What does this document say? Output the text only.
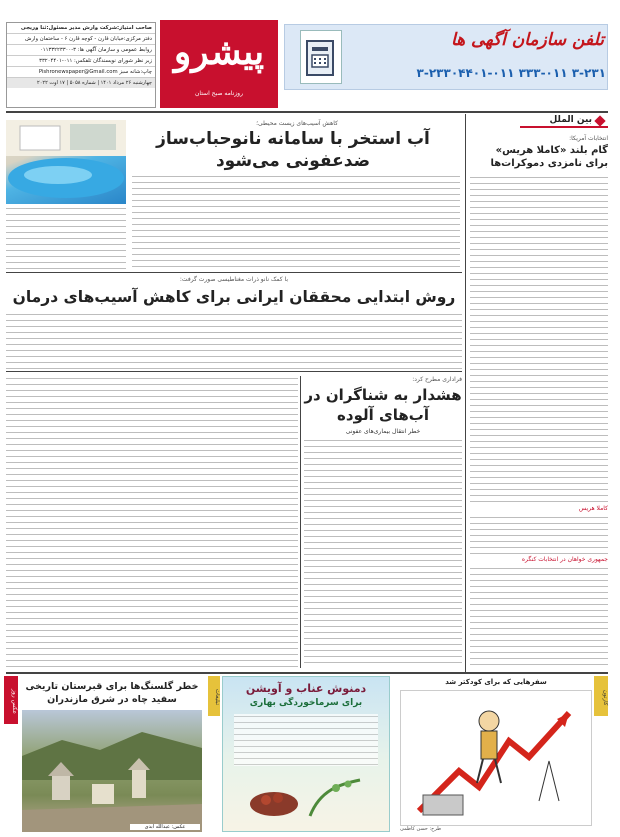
تلفن سازمان آگهی ها
۳-۲۳۱ ۳۳۳-۰۱۱ ۳-۲۳۳۰۴۴۰۱-۰۱۱
پیشرو
روزنامه صبح استان
صاحب امتیاز:شرکت وارش مدیر مسئول:ثنا وریجی
دفتر مرکزی:خیابان قارن - کوچه قارن ۶ - ساختمان وارش
روابط عمومی و سازمان آگهی ها: ۳-۰۱۱۳۳۲۲۳۳۰۰
زیر نظر شورای نویسندگان تلفکس: ۰۱۱-۳۳۲۰۴۴۰۱
Pishronewspaper@Gmail.com چاپ:شانه سبز
چهارشنبه ۲۶ مرداد ۱۴۰۱ | شماره ۵۰۵۸ | ۱۷ اوت ۲۰۲۲
بین الملل
انتخابات آمریکا:
گام بلند «کاملا هریس» برای نامزدی دموکرات‌ها
کاملا هریس
جمهوری خواهان در انتخابات کنگره
کاهش آسیب‌های زیست محیطی؛
آب استخر با سامانه نانوحباب‌ساز ضدعفونی می‌شود
با کمک نانو ذرات مغناطیسی صورت گرفت:
روش ابتدایی محققان ایرانی برای کاهش آسیب‌های درمان
فراداری مطرح کرد:
هشدار به شناگران در آب‌های آلوده
خطر انتقال بیماری‌های عفونی
خطر گلسنگ‌ها برای قبرستان تاریخی سفید چاه در شرق مازندران
عکس روز
عکس: عبدالله ابدی
تبلیغات
دمنوش عناب و آویشن
برای سرماخوردگی بهاری	کارتون
سفرهایی که برای کودکتر شد
طرح: حسن کاظمی
